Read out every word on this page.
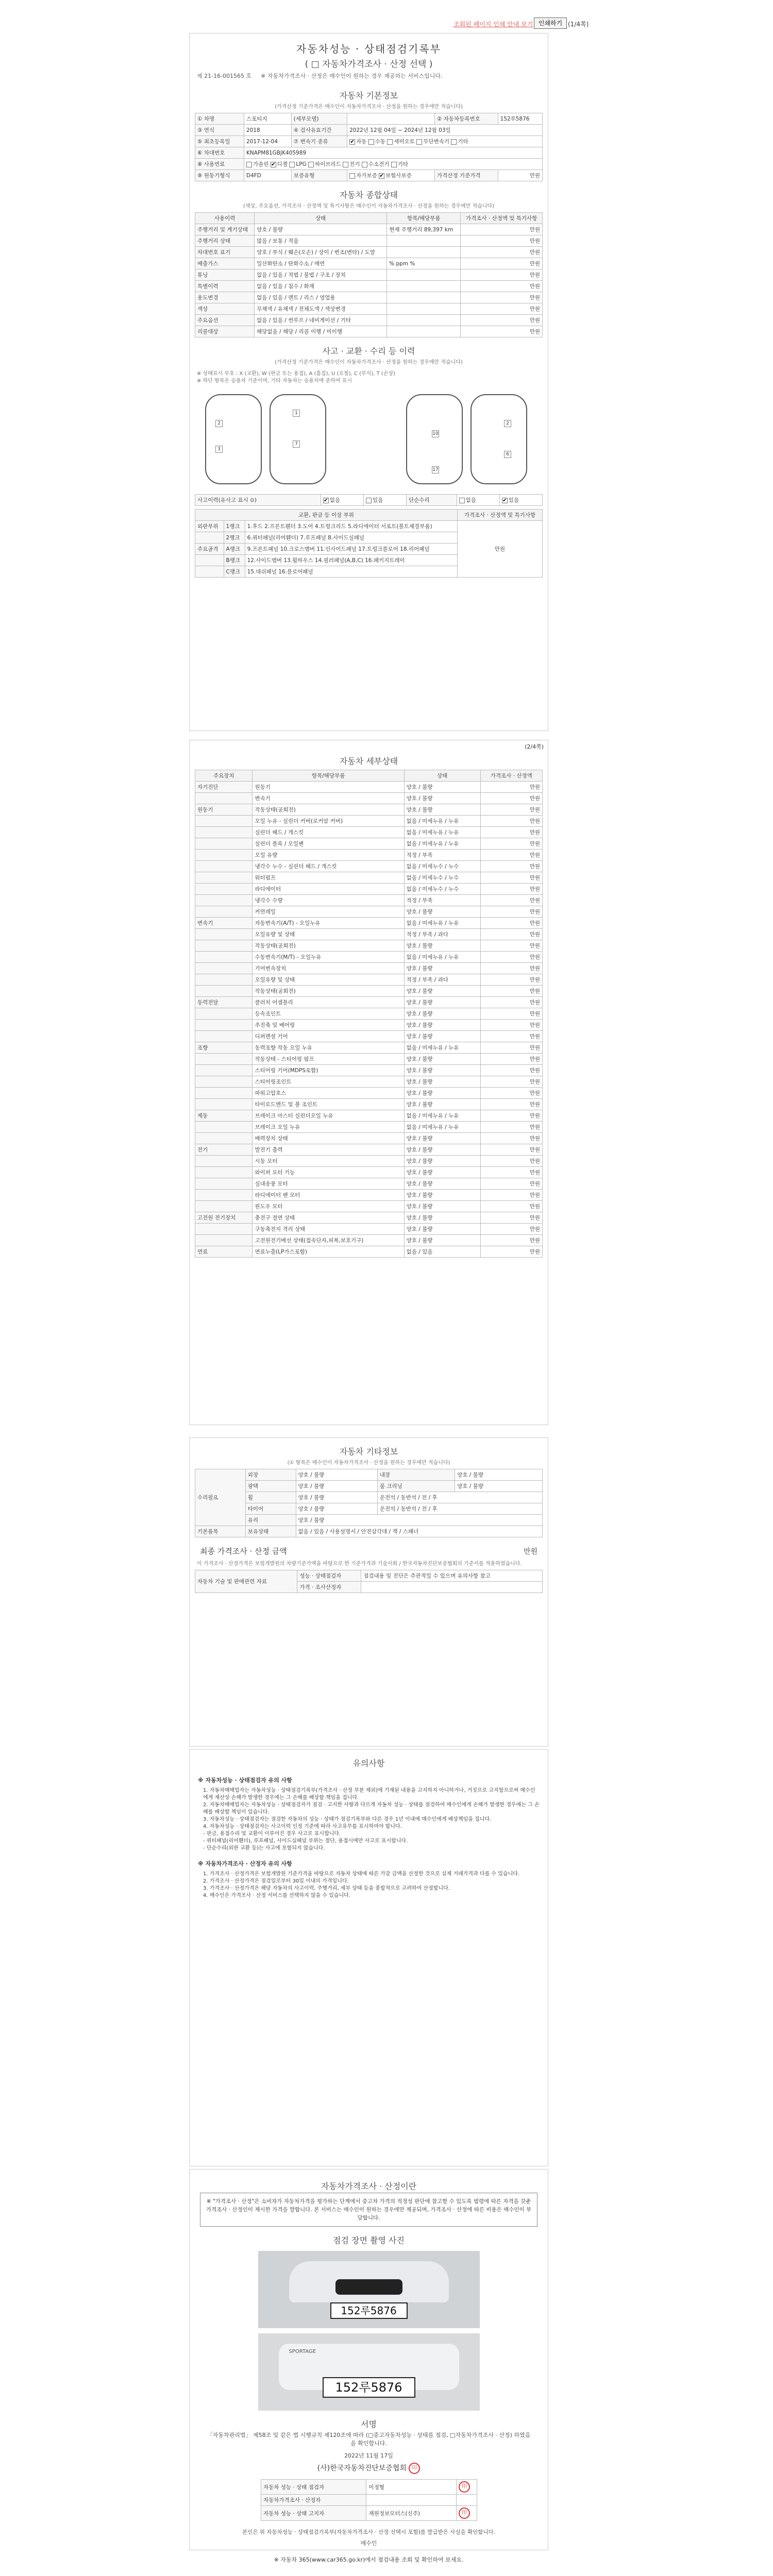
조회된 페이지 인쇄 안내 보기 인쇄하기 (1/4쪽)
자동차성능 · 상태점검기록부
( □ 자동차가격조사 · 산정 선택 )
제 21-16-001565 호 ※ 자동차가격조사 · 산정은 매수인이 원하는 경우 제공하는 서비스입니다.
자동차 기본정보
(가격산정 기준가격은 매수인이 자동차가격조사 · 산정을 원하는 경우에만 적습니다)
① 차명	스포티지	(세부모델)		② 자동차등록번호	152루5876
③ 연식	2018	④ 검사유효기간	2022년 12월 04일 ~ 2024년 12월 03일		
⑤ 최초등록일	2017-12-04	⑦ 변속기 종류	✔ 자동 수동 세미오토 무단변속기 기타		
⑥ 차대번호	KNAPM81GBJK405989				
⑧ 사용연료	가솔린 ✔ 디젤 LPG 하이브리드 전기 수소전기 기타				
⑨ 원동기형식	D4FD	보증유형	자가보증 ✔ 보험사보증	가격산정 기준가격	만원
자동차 종합상태
(색상, 주요옵션, 가격조사 · 산정액 및 특기사항은 매수인이 자동차가격조사 · 산정을 원하는 경우에만 적습니다)
사용이력	상태	항목/해당부품	가격조사 · 산정액 및 특기사항
주행거리 및 계기상태	양호 / 불량	현재 주행거리 89,397 km	만원
주행거리 상태	많음 / 보통 / 적음		만원
차대번호 표기	양호 / 부식 / 훼손(오손) / 상이 / 변조(변타) / 도말		만원
배출가스	일산화탄소 / 탄화수소 / 매연	% ppm %	만원
튜닝	없음 / 있음 / 적법 / 불법 / 구조 / 장치		만원
특별이력	없음 / 있음 / 침수 / 화재		만원
용도변경	없음 / 있음 / 렌트 / 리스 / 영업용		만원
색상	무채색 / 유채색 / 전체도색 / 색상변경		만원
주요옵션	없음 / 있음 / 썬루프 / 네비게이션 / 기타		만원
리콜대상	해당없음 / 해당 / 리콜 이행 / 미이행		만원
사고 · 교환 · 수리 등 이력
(가격산정 기준가격은 매수인이 자동차가격조사 · 산정을 원하는 경우에만 적습니다)
※ 상태표시 부호 : X (교환), W (판금 또는 용접), A (흠집), U (요철), C (부식), T (손상)
※ 하단 항목은 승용차 기준이며, 기타 자동차는 승용차에 준하여 표시
2
3
1
7
10
17
2
6
사고이력(유사고 표시 ⊙)	✔ 없음	있음	단순수리	없음	✔ 있음
교환, 판금 등 이상 부위			가격조사 · 산정액 및 특기사항
외판부위	1랭크	1.후드 2.프론트휀더 3.도어 4.트렁크리드 5.라디에이터 서포트(볼트체결부품)	만원
	2랭크	6.쿼터패널(리어휀더) 7.루프패널 8.사이드실패널	
주요골격	A랭크	9.프론트패널 10.크로스멤버 11.인사이드패널 17.트렁크플로어 18.리어패널	
	B랭크	12.사이드멤버 13.휠하우스 14.필러패널(A,B,C) 16.패키지트레이	
	C랭크	15.대쉬패널 16.플로어패널	
(2/4쪽)
자동차 세부상태
주요장치	항목/해당부품	상태	가격조사 · 산정액
자기진단	원동기	양호 / 불량	만원
	변속기	양호 / 불량	만원
원동기	작동상태(공회전)	양호 / 불량	만원
	오일 누유 - 실린더 커버(로커암 커버)	없음 / 미세누유 / 누유	만원
	실린더 헤드 / 개스킷	없음 / 미세누유 / 누유	만원
	실린더 블록 / 오일팬	없음 / 미세누유 / 누유	만원
	오일 유량	적정 / 부족	만원
	냉각수 누수 - 실린더 헤드 / 개스킷	없음 / 미세누수 / 누수	만원
	워터펌프	없음 / 미세누수 / 누수	만원
	라디에이터	없음 / 미세누수 / 누수	만원
	냉각수 수량	적정 / 부족	만원
	커먼레일	양호 / 불량	만원
변속기	자동변속기(A/T) - 오일누유	없음 / 미세누유 / 누유	만원
	오일유량 및 상태	적정 / 부족 / 과다	만원
	작동상태(공회전)	양호 / 불량	만원
	수동변속기(M/T) - 오일누유	없음 / 미세누유 / 누유	만원
	기어변속장치	양호 / 불량	만원
	오일유량 및 상태	적정 / 부족 / 과다	만원
	작동상태(공회전)	양호 / 불량	만원
동력전달	클러치 어셈블리	양호 / 불량	만원
	등속조인트	양호 / 불량	만원
	추진축 및 베어링	양호 / 불량	만원
	디퍼렌셜 기어	양호 / 불량	만원
조향	동력조향 작동 오일 누유	없음 / 미세누유 / 누유	만원
	작동상태 - 스티어링 펌프	양호 / 불량	만원
	스티어링 기어(MDPS포함)	양호 / 불량	만원
	스티어링조인트	양호 / 불량	만원
	파워고압호스	양호 / 불량	만원
	타이로드엔드 및 볼 조인트	양호 / 불량	만원
제동	브레이크 마스터 실린더오일 누유	없음 / 미세누유 / 누유	만원
	브레이크 오일 누유	없음 / 미세누유 / 누유	만원
	배력장치 상태	양호 / 불량	만원
전기	발전기 출력	양호 / 불량	만원
	시동 모터	양호 / 불량	만원
	와이퍼 모터 기능	양호 / 불량	만원
	실내송풍 모터	양호 / 불량	만원
	라디에이터 팬 모터	양호 / 불량	만원
	윈도우 모터	양호 / 불량	만원
고전원 전기장치	충전구 절연 상태	양호 / 불량	만원
	구동축전지 격리 상태	양호 / 불량	만원
	고전원전기배선 상태(접속단자,피복,보호기구)	양호 / 불량	만원
연료	연료누출(LP가스포함)	없음 / 있음	만원
자동차 기타정보
(① 항목은 매수인이 자동차가격조사 · 산정을 원하는 경우에만 적습니다)
수리필요	외장	양호 / 불량	내장	양호 / 불량
	광택	양호 / 불량	룸 크리닝	양호 / 불량
	휠	양호 / 불량	운전석 / 동반석 / 전 / 후	
	타이어	양호 / 불량	운전석 / 동반석 / 전 / 후	
	유리	양호 / 불량		
기본품목	보유상태	없음 / 있음 / 사용설명서 / 안전삼각대 / 잭 / 스패너		
최종 가격조사 · 산정 금액	만원
이 가격조사 · 산정가격은 보험개발원의 차량기준가액을 바탕으로 한 기준가격과 기술사회 / 한국자동차진단보증협회의 기준서를 적용하였습니다.
자동차 기술 및 판매관련 자료	성능 · 상태점검자	점검내용 및 진단은 주관적일 수 있으며 유의사항 참고
	가격 · 조사산정자	
유의사항
※ 자동차성능 · 상태점검자 유의 사항
1. 자동차매매업자는 자동차성능 · 상태점검기록부(가격조사 · 산정 부분 제외)에 기재된 내용을 고지하지 아니하거나, 거짓으로 고지함으로써 매수인에게 재산상 손해가 발생한 경우에는 그 손해를 배상할 책임을 집니다.
2. 자동차매매업자는 자동차성능 · 상태점검자가 점검 · 고지한 사항과 다르게 자동차 성능 · 상태를 점검하여 매수인에게 손해가 발생한 경우에는 그 손해를 배상할 책임이 있습니다.
3. 자동차성능 · 상태점검자는 점검한 자동차의 성능 · 상태가 점검기록부와 다른 경우 1년 이내에 매수인에게 배상책임을 집니다.
4. 자동차성능 · 상태점검자는 사고이력 인정 기준에 따라 사고유무를 표시하여야 합니다.
- 판금, 용접수리 및 교환이 이루어진 경우 사고로 표시합니다.
- 쿼터패널(리어휀더), 루프패널, 사이드실패널 부위는 절단, 용접시에만 사고로 표시합니다.
- 단순수리(외판 교환 등)는 사고에 포함되지 않습니다.
※ 자동차가격조사 · 산정자 유의 사항
1. 가격조사 · 산정가격은 보험개발원 기준가격을 바탕으로 자동차 상태에 따른 가감 금액을 산정한 것으로 실제 거래가격과 다를 수 있습니다.
2. 가격조사 · 산정가격은 점검일로부터 30일 이내의 가격입니다.
3. 가격조사 · 산정가격은 해당 자동차의 사고이력, 주행거리, 세부 상태 등을 종합적으로 고려하여 산정합니다.
4. 매수인은 가격조사 · 산정 서비스를 선택하지 않을 수 있습니다.
자동차가격조사 · 산정이란
※ "가격조사 · 산정"은 소비자가 자동차가격을 평가하는 단계에서 중고차 가격의 적정성 판단에 참고할 수 있도록 법령에 따른 자격을 갖춘 가격조사 · 산정인이 제시한 가격을 말합니다. 본 서비스는 매수인이 원하는 경우에만 제공되며, 가격조사 · 산정에 따른 비용은 매수인이 부담합니다.
점검 장면 촬영 사진
152루5876
SPORTAGE
152루5876
서명
「자동차관리법」 제58조 및 같은 법 시행규칙 제120조에 따라 (□중고자동차성능 · 상태를 점검, □자동차가격조사 · 산정) 하였음을 확인합니다.
2022년 11월 17일
(사)한국자동차진단보증협회 印
자동차 성능 · 상태 점검자	이정형	印
자동차가격조사 · 산정자		
자동차 성능 · 상태 고지자	재원정보모터스(신주)	印
본인은 위 자동차성능 · 상태점검기록부(자동차가격조사 · 산정 선택시 포함)를 발급받은 사실을 확인합니다.
매수인
※ 자동차 365(www.car365.go.kr)에서 점검내용 조회 및 확인하여 보세요.
